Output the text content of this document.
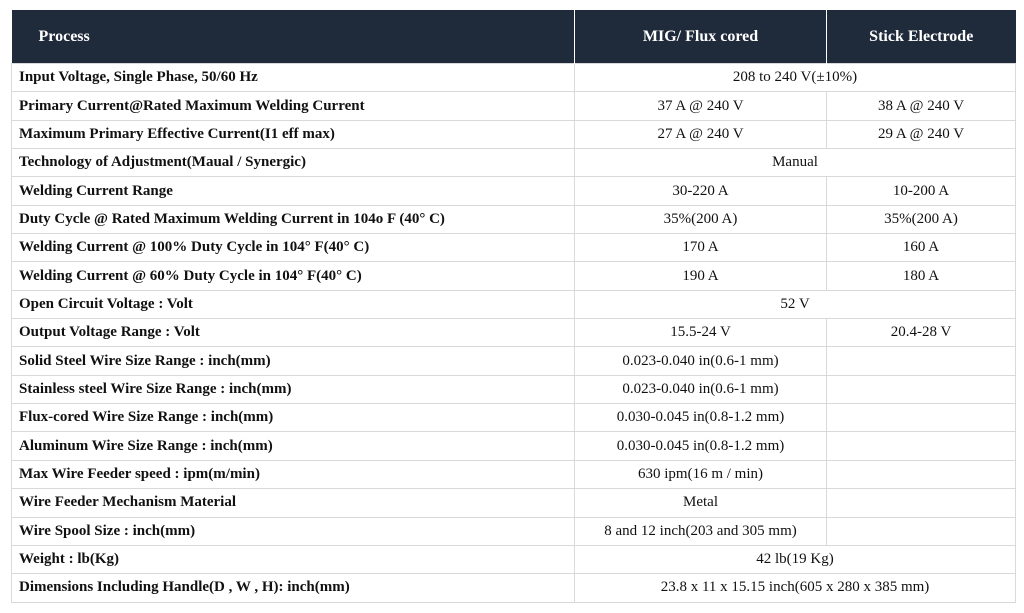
Process	MIG/ Flux cored	Stick Electrode
Input Voltage, Single Phase, 50/60 Hz	208 to 240 V(±10%)	
Primary Current@Rated Maximum Welding Current	37 A @ 240 V	38 A @ 240 V
Maximum Primary Effective Current(I1 eff max)	27 A @ 240 V	29 A @ 240 V
Technology of Adjustment(Maual / Synergic)	Manual	
Welding Current Range	30-220 A	10-200 A
Duty Cycle @ Rated Maximum Welding Current in 104o F (40° C)	35%(200 A)	35%(200 A)
Welding Current @ 100% Duty Cycle in 104° F(40° C)	170 A	160 A
Welding Current @ 60% Duty Cycle in 104° F(40° C)	190 A	180 A
Open Circuit Voltage : Volt	52 V	
Output Voltage Range : Volt	15.5-24 V	20.4-28 V
Solid Steel Wire Size Range : inch(mm)	0.023-0.040 in(0.6-1 mm)	
Stainless steel Wire Size Range : inch(mm)	0.023-0.040 in(0.6-1 mm)	
Flux-cored Wire Size Range : inch(mm)	0.030-0.045 in(0.8-1.2 mm)	
Aluminum Wire Size Range : inch(mm)	0.030-0.045 in(0.8-1.2 mm)	
Max Wire Feeder speed : ipm(m/min)	630 ipm(16 m / min)	
Wire Feeder Mechanism Material	Metal	
Wire Spool Size : inch(mm)	8 and 12 inch(203 and 305 mm)	
Weight : lb(Kg)	42 lb(19 Kg)	
Dimensions Including Handle(D , W , H): inch(mm)	23.8 x 11 x 15.15 inch(605 x 280 x 385 mm)	
